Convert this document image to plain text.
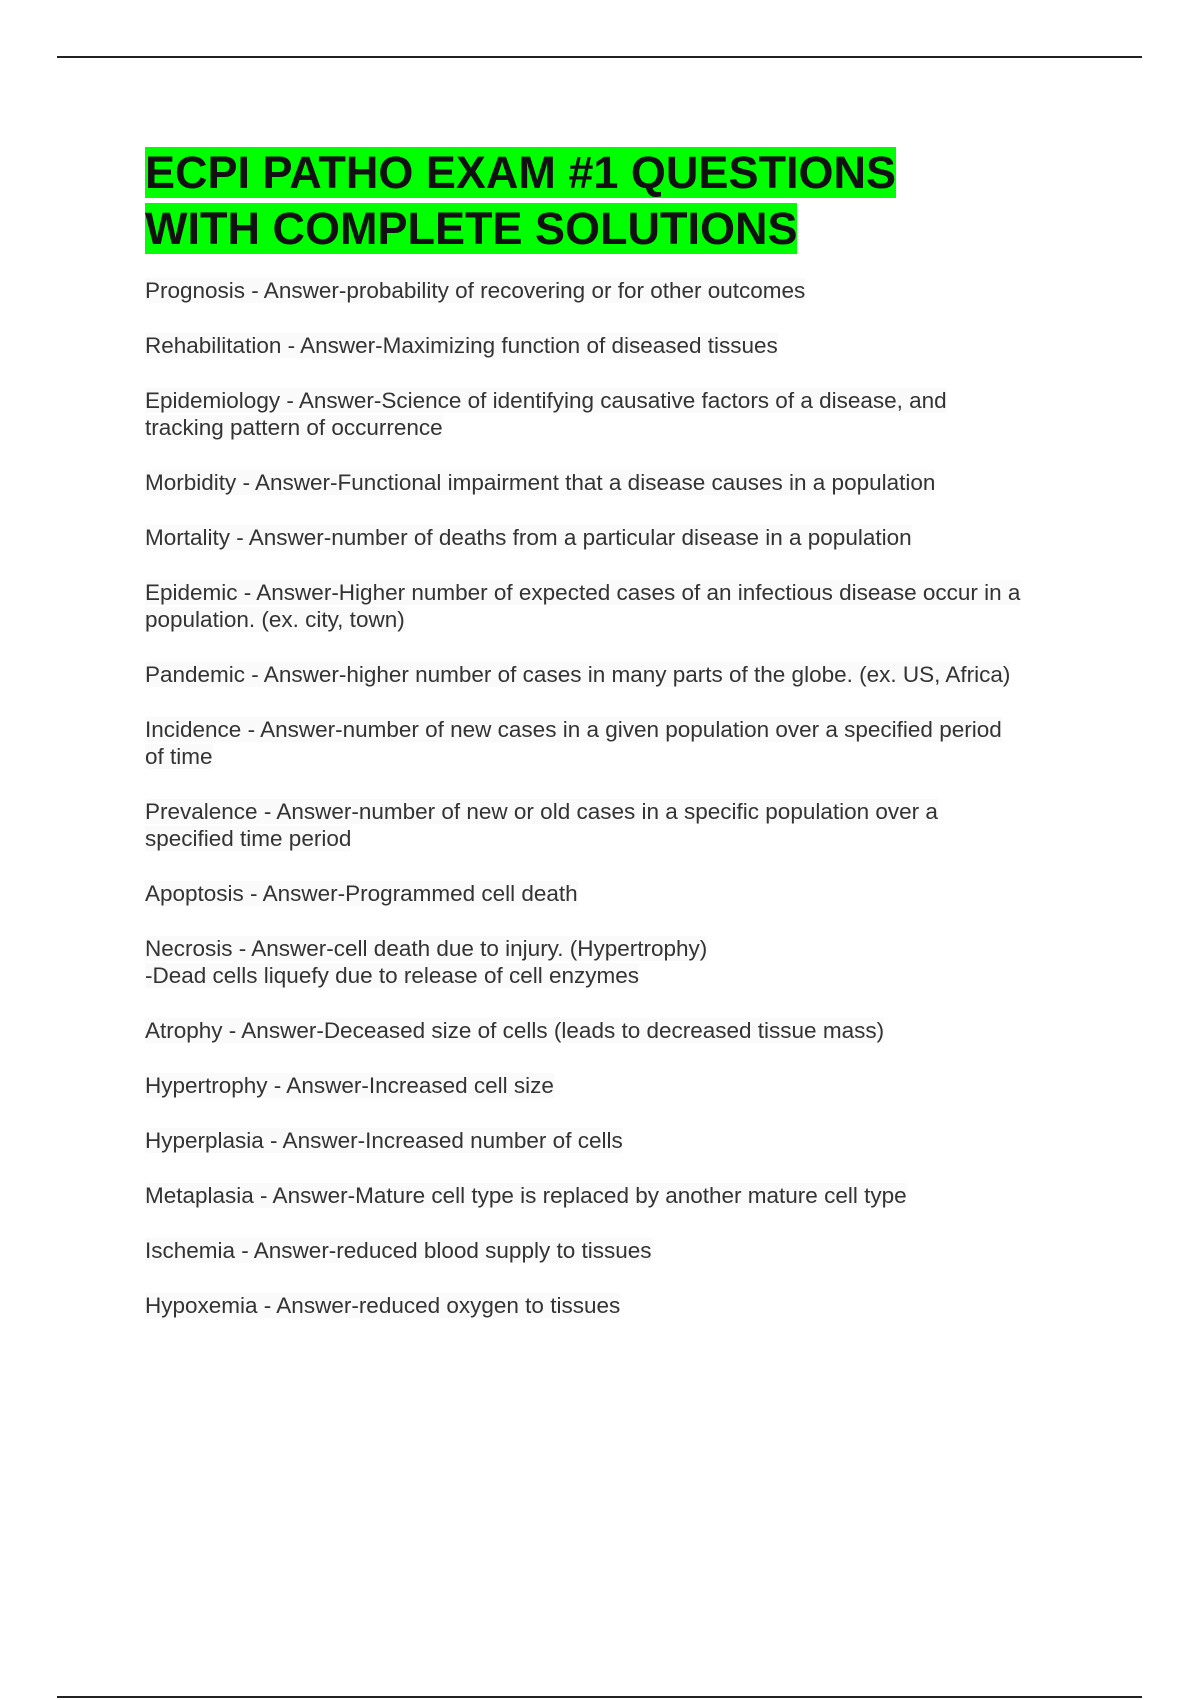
ECPI PATHO EXAM #1 QUESTIONS
WITH COMPLETE SOLUTIONS
Prognosis - Answer-probability of recovering or for other outcomes
Rehabilitation - Answer-Maximizing function of diseased tissues
Epidemiology - Answer-Science of identifying causative factors of a disease, and
tracking pattern of occurrence
Morbidity - Answer-Functional impairment that a disease causes in a population
Mortality - Answer-number of deaths from a particular disease in a population
Epidemic - Answer-Higher number of expected cases of an infectious disease occur in a
population. (ex. city, town)
Pandemic - Answer-higher number of cases in many parts of the globe. (ex. US, Africa)
Incidence - Answer-number of new cases in a given population over a specified period
of time
Prevalence - Answer-number of new or old cases in a specific population over a
specified time period
Apoptosis - Answer-Programmed cell death
Necrosis - Answer-cell death due to injury. (Hypertrophy)
-Dead cells liquefy due to release of cell enzymes
Atrophy - Answer-Deceased size of cells (leads to decreased tissue mass)
Hypertrophy - Answer-Increased cell size
Hyperplasia - Answer-Increased number of cells
Metaplasia - Answer-Mature cell type is replaced by another mature cell type
Ischemia - Answer-reduced blood supply to tissues
Hypoxemia - Answer-reduced oxygen to tissues
